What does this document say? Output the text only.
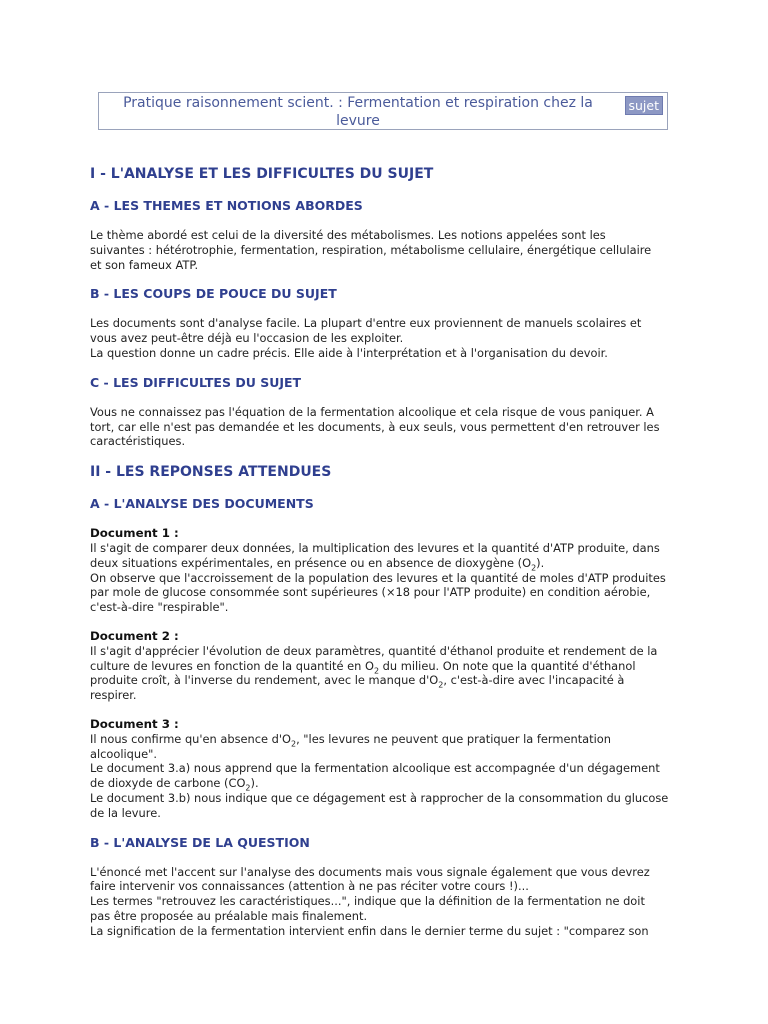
Pratique raisonnement scient. : Fermentation et respiration chez la
levure
sujet
I - L'ANALYSE ET LES DIFFICULTES DU SUJET
A - LES THEMES ET NOTIONS ABORDES

Le thème abordé est celui de la diversité des métabolismes. Les notions appelées sont les
suivantes : hétérotrophie, fermentation, respiration, métabolisme cellulaire, énergétique cellulaire
et son fameux ATP.

B - LES COUPS DE POUCE DU SUJET

Les documents sont d'analyse facile. La plupart d'entre eux proviennent de manuels scolaires et
vous avez peut-être déjà eu l'occasion de les exploiter.
La question donne un cadre précis. Elle aide à l'interprétation et à l'organisation du devoir.

C - LES DIFFICULTES DU SUJET

Vous ne connaissez pas l'équation de la fermentation alcoolique et cela risque de vous paniquer. A
tort, car elle n'est pas demandée et les documents, à eux seuls, vous permettent d'en retrouver les
caractéristiques.

II - LES REPONSES ATTENDUES
A - L'ANALYSE DES DOCUMENTS

Document 1 :
Il s'agit de comparer deux données, la multiplication des levures et la quantité d'ATP produite, dans
deux situations expérimentales, en présence ou en absence de dioxygène $(O_2)$.
On observe que l'accroissement de la population des levures et la quantité de moles d'ATP produites
par mole de glucose consommée sont supérieures (×18 pour l'ATP produite) en condition aérobie,
c'est-à-dire "respirable".

Document 2 :
Il s'agit d'apprécier l'évolution de deux paramètres, quantité d'éthanol produite et rendement de la
culture de levures en fonction de la quantité en $O_2$ du milieu. On note que la quantité d'éthanol
produite croît, à l'inverse du rendement, avec le manque $d'O_2$, c'est-à-dire avec l'incapacité à
respirer.

Document 3 :
Il nous confirme qu'en absence $d'O_2$, "les levures ne peuvent que pratiquer la fermentation
alcoolique".
Le document 3.a) nous apprend que la fermentation alcoolique est accompagnée d'un dégagement
de dioxyde de carbone $(CO_2)$.
Le document 3.b) nous indique que ce dégagement est à rapprocher de la consommation du glucose
de la levure.

B - L'ANALYSE DE LA QUESTION

L'énoncé met l'accent sur l'analyse des documents mais vous signale également que vous devrez
faire intervenir vos connaissances (attention à ne pas réciter votre cours !)...
Les termes "retrouvez les caractéristiques...", indique que la définition de la fermentation ne doit
pas être proposée au préalable mais finalement.
La signification de la fermentation intervient enfin dans le dernier terme du sujet : "comparez son
